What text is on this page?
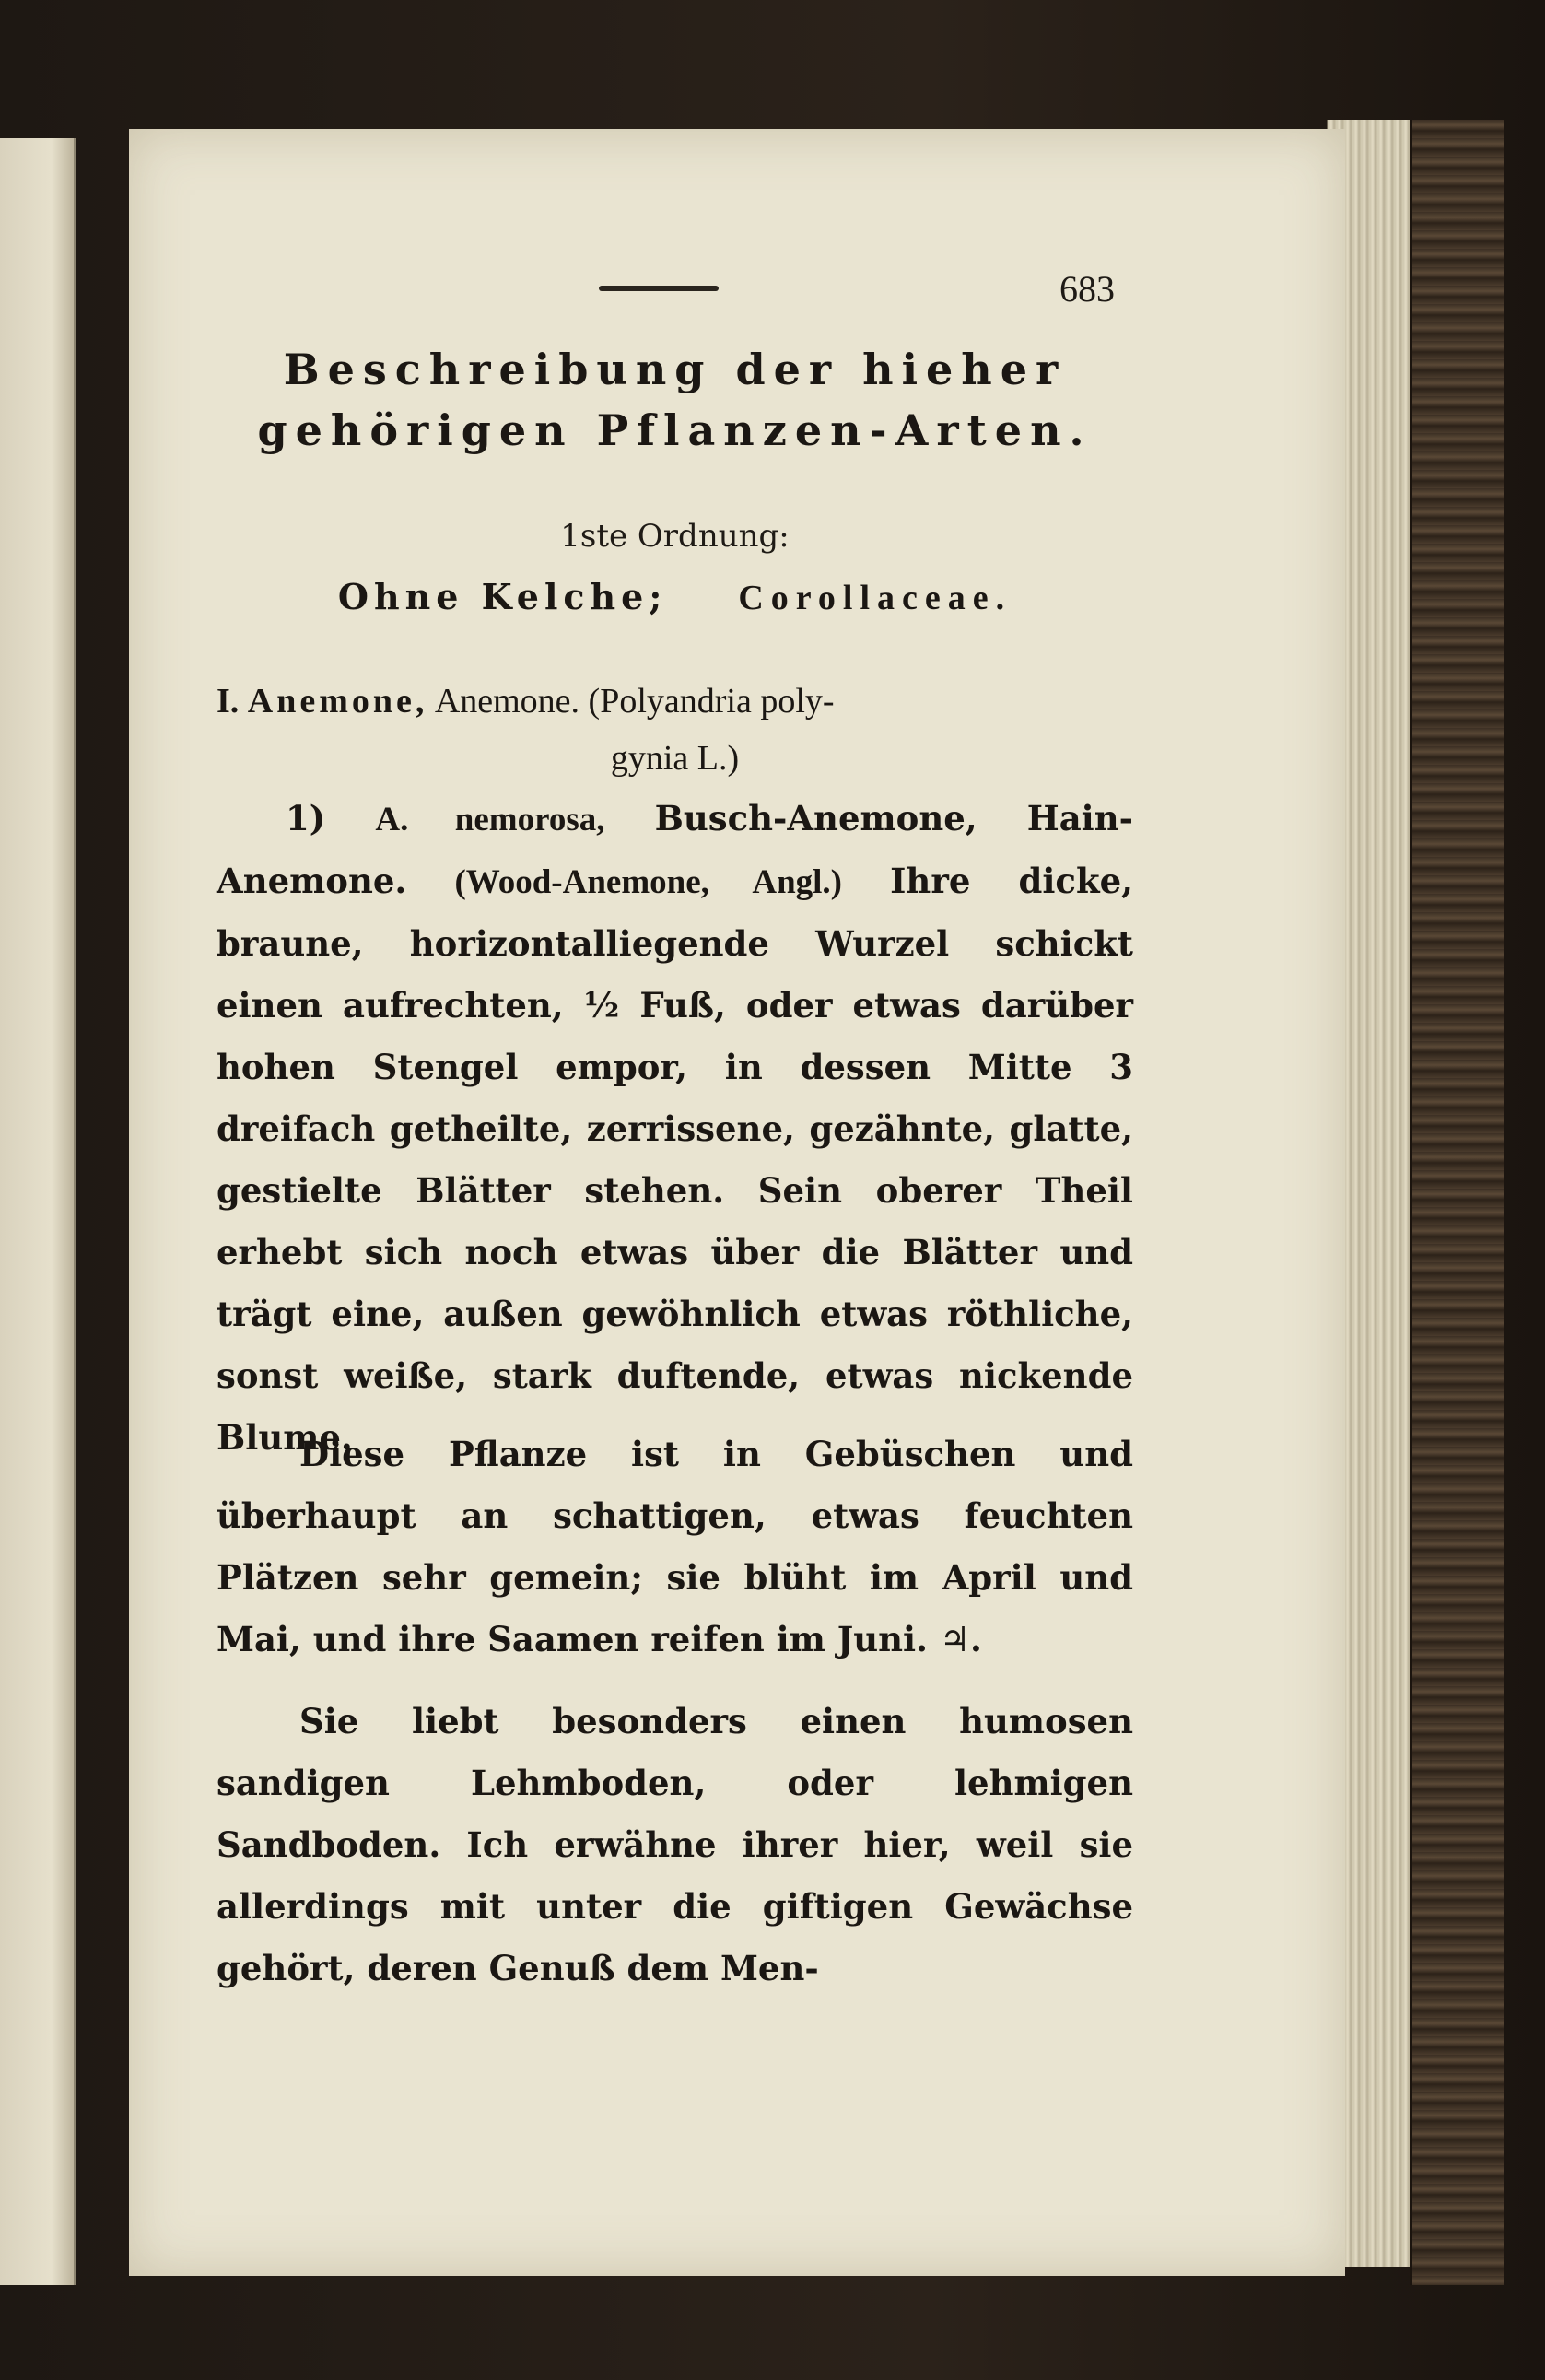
683
Beschreibung der hieher gehörigen Pflanzen-Arten.
1ste Ordnung:
Ohne Kelche; Corollaceae.
I. Anemone, Anemone. (Polyandria poly-
gynia L.)
1) A. nemorosa, Busch-Anemone, Hain-Anemone. (Wood-Anemone, Angl.) Ihre dicke, braune, horizontalliegende Wurzel schickt einen aufrechten, ½ Fuß, oder etwas darüber hohen Stengel empor, in dessen Mitte 3 dreifach getheilte, zerrissene, gezähnte, glatte, gestielte Blätter stehen. Sein oberer Theil erhebt sich noch etwas über die Blätter und trägt eine, außen gewöhnlich etwas röthliche, sonst weiße, stark duftende, etwas nickende Blume.
Diese Pflanze ist in Gebüschen und überhaupt an schattigen, etwas feuchten Plätzen sehr gemein; sie blüht im April und Mai, und ihre Saamen reifen im Juni. ♃.
Sie liebt besonders einen humosen sandigen Lehmboden, oder lehmigen Sandboden. Ich erwähne ihrer hier, weil sie allerdings mit unter die giftigen Gewächse gehört, deren Genuß dem Men-
